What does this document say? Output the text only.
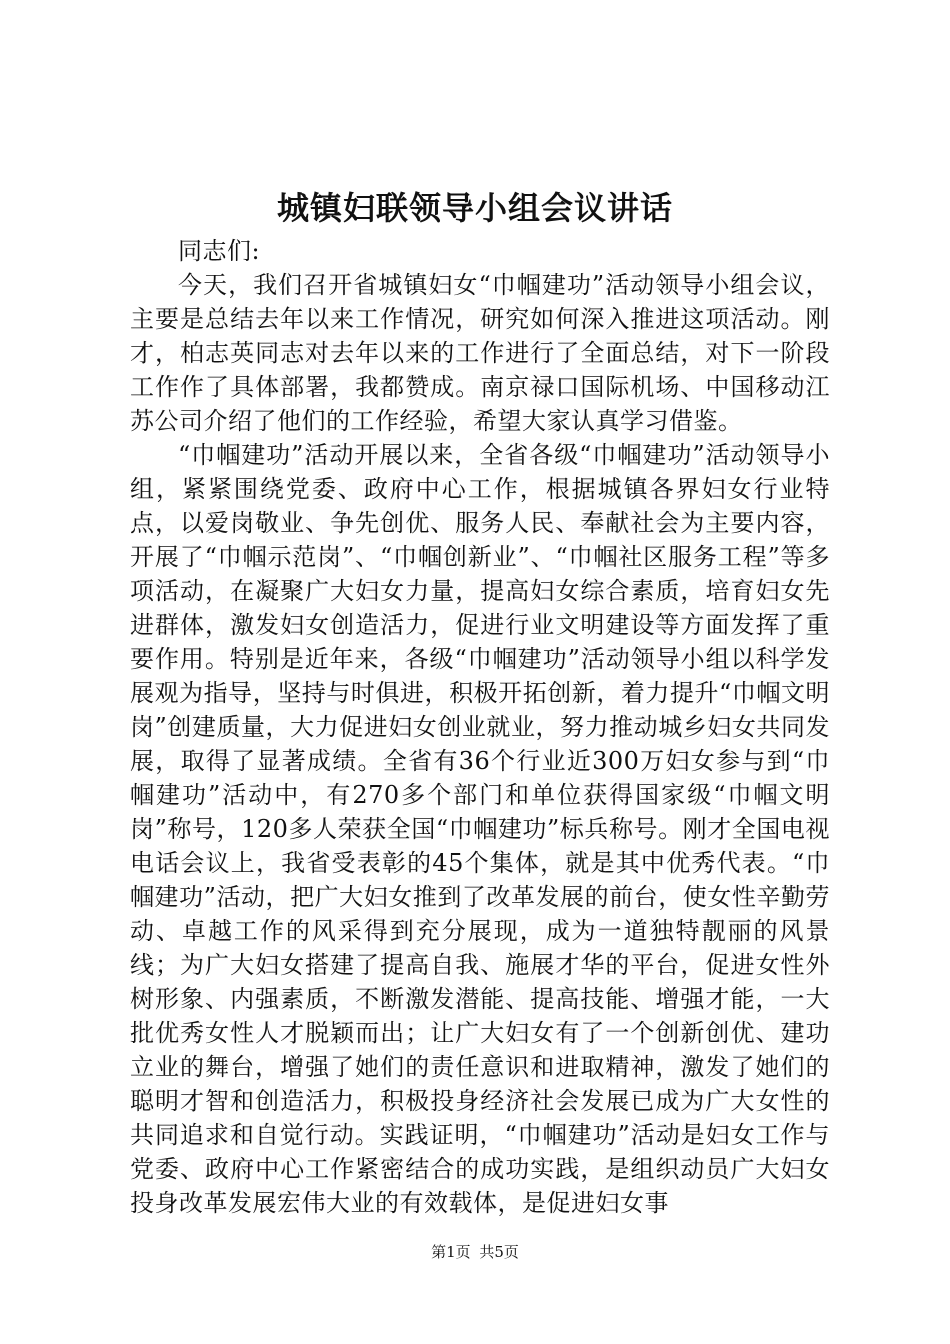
城镇妇联领导小组会议讲话

同志们:

今天，我们召开省城镇妇女“巾帼建功”活动领导小组会议，主要是总结去年以来工作情况，研究如何深入推进这项活动。刚才，柏志英同志对去年以来的工作进行了全面总结，对下一阶段工作作了具体部署，我都赞成。南京禄口国际机场、中国移动江苏公司介绍了他们的工作经验，希望大家认真学习借鉴。

“巾帼建功”活动开展以来，全省各级“巾帼建功”活动领导小组，紧紧围绕党委、政府中心工作，根据城镇各界妇女行业特点，以爱岗敬业、争先创优、服务人民、奉献社会为主要内容，开展了“巾帼示范岗”、“巾帼创新业”、“巾帼社区服务工程”等多项活动，在凝聚广大妇女力量，提高妇女综合素质，培育妇女先进群体，激发妇女创造活力，促进行业文明建设等方面发挥了重要作用。特别是近年来，各级“巾帼建功”活动领导小组以科学发展观为指导，坚持与时俱进，积极开拓创新，着力提升“巾帼文明岗”创建质量，大力促进妇女创业就业，努力推动城乡妇女共同发展，取得了显著成绩。全省有36个行业近300万妇女参与到“巾帼建功”活动中，有270多个部门和单位获得国家级“巾帼文明岗”称号，120多人荣获全国“巾帼建功”标兵称号。刚才全国电视电话会议上，我省受表彰的45个集体，就是其中优秀代表。“巾帼建功”活动，把广大妇女推到了改革发展的前台，使女性辛勤劳动、卓越工作的风采得到充分展现，成为一道独特靓丽的风景线；为广大妇女搭建了提高自我、施展才华的平台，促进女性外树形象、内强素质，不断激发潜能、提高技能、增强才能，一大批优秀女性人才脱颖而出；让广大妇女有了一个创新创优、建功立业的舞台，增强了她们的责任意识和进取精神，激发了她们的聪明才智和创造活力，积极投身经济社会发展已成为广大女性的共同追求和自觉行动。实践证明，“巾帼建功”活动是妇女工作与党委、政府中心工作紧密结合的成功实践，是组织动员广大妇女投身改革发展宏伟大业的有效载体，是促进妇女事

第1页 共5页
